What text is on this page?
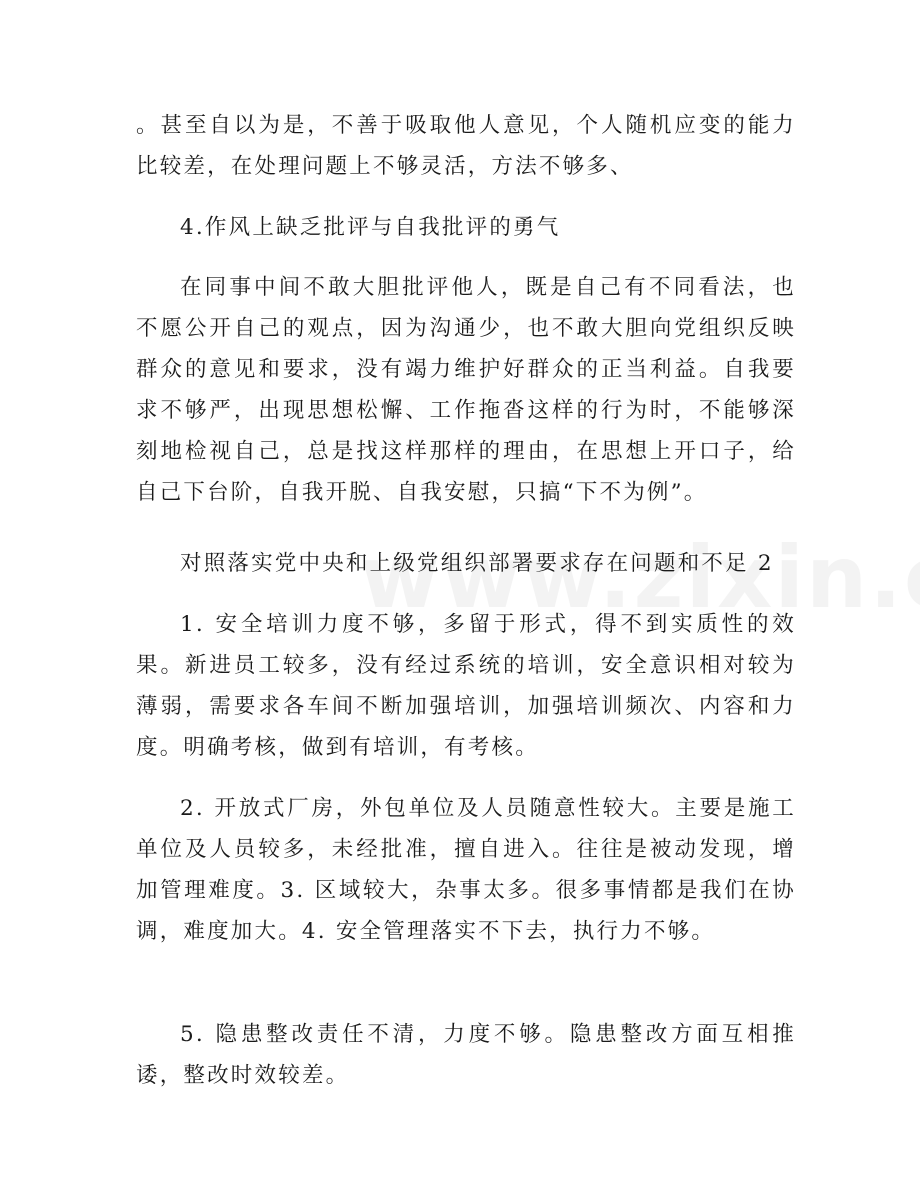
。甚至自以为是，不善于吸取他人意见，个人随机应变的能力比较差，在处理问题上不够灵活，方法不够多、

4.作风上缺乏批评与自我批评的勇气

在同事中间不敢大胆批评他人，既是自己有不同看法，也不愿公开自己的观点，因为沟通少，也不敢大胆向党组织反映群众的意见和要求，没有竭力维护好群众的正当利益。自我要求不够严，出现思想松懈、工作拖沓这样的行为时，不能够深刻地检视自己，总是找这样那样的理由，在思想上开口子，给自己下台阶，自我开脱、自我安慰，只搞“下不为例”。

对照落实党中央和上级党组织部署要求存在问题和不足 2

1. 安全培训力度不够，多留于形式，得不到实质性的效果。新进员工较多，没有经过系统的培训，安全意识相对较为薄弱，需要求各车间不断加强培训，加强培训频次、内容和力度。明确考核，做到有培训，有考核。

2. 开放式厂房，外包单位及人员随意性较大。主要是施工单位及人员较多，未经批准，擅自进入。往往是被动发现，增加管理难度。3. 区域较大，杂事太多。很多事情都是我们在协调，难度加大。4. 安全管理落实不下去，执行力不够。

5. 隐患整改责任不清，力度不够。隐患整改方面互相推诿，整改时效较差。
